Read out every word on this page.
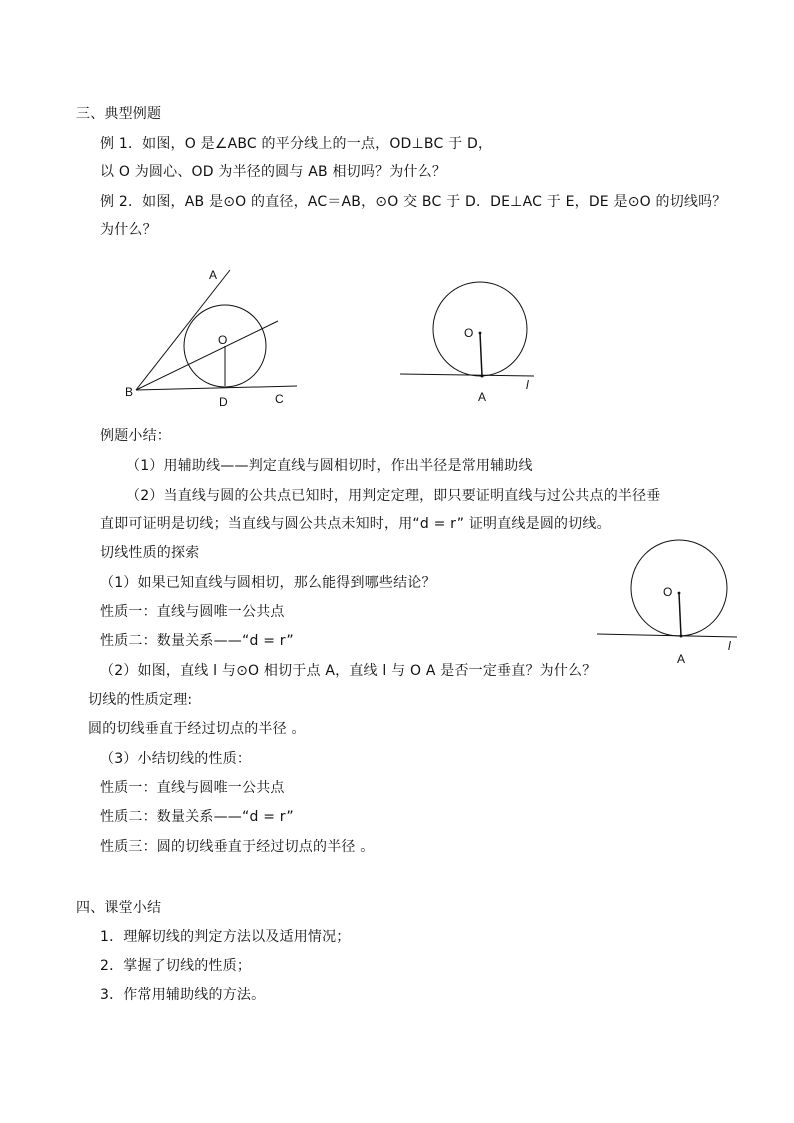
三、典型例题
例 1．如图，O 是∠ABC 的平分线上的一点，OD⊥BC 于 D，
以 O 为圆心、OD 为半径的圆与 AB 相切吗？为什么？
例 2．如图，AB 是⊙O 的直径，AC＝AB，⊙O 交 BC 于 D．DE⊥AC 于 E，DE 是⊙O 的切线吗？
为什么？
A
O
B
D	C
O
A
l
例题小结：
（1）用辅助线——判定直线与圆相切时，作出半径是常用辅助线
（2）当直线与圆的公共点已知时，用判定定理，即只要证明直线与过公共点的半径垂
直即可证明是切线；当直线与圆公共点未知时，用“d = r” 证明直线是圆的切线。
切线性质的探索
（1）如果已知直线与圆相切，那么能得到哪些结论？
性质一：直线与圆唯一公共点
性质二：数量关系——“d = r”
（2）如图，直线 l 与⊙O 相切于点 A，直线 l 与 O A 是否一定垂直？为什么？
切线的性质定理:
圆的切线垂直于经过切点的半径 。
（3）小结切线的性质：
性质一：直线与圆唯一公共点
性质二：数量关系——“d = r”
性质三：圆的切线垂直于经过切点的半径 。
O
A
l
四、课堂小结
1．理解切线的判定方法以及适用情况；
2．掌握了切线的性质；
3．作常用辅助线的方法。
